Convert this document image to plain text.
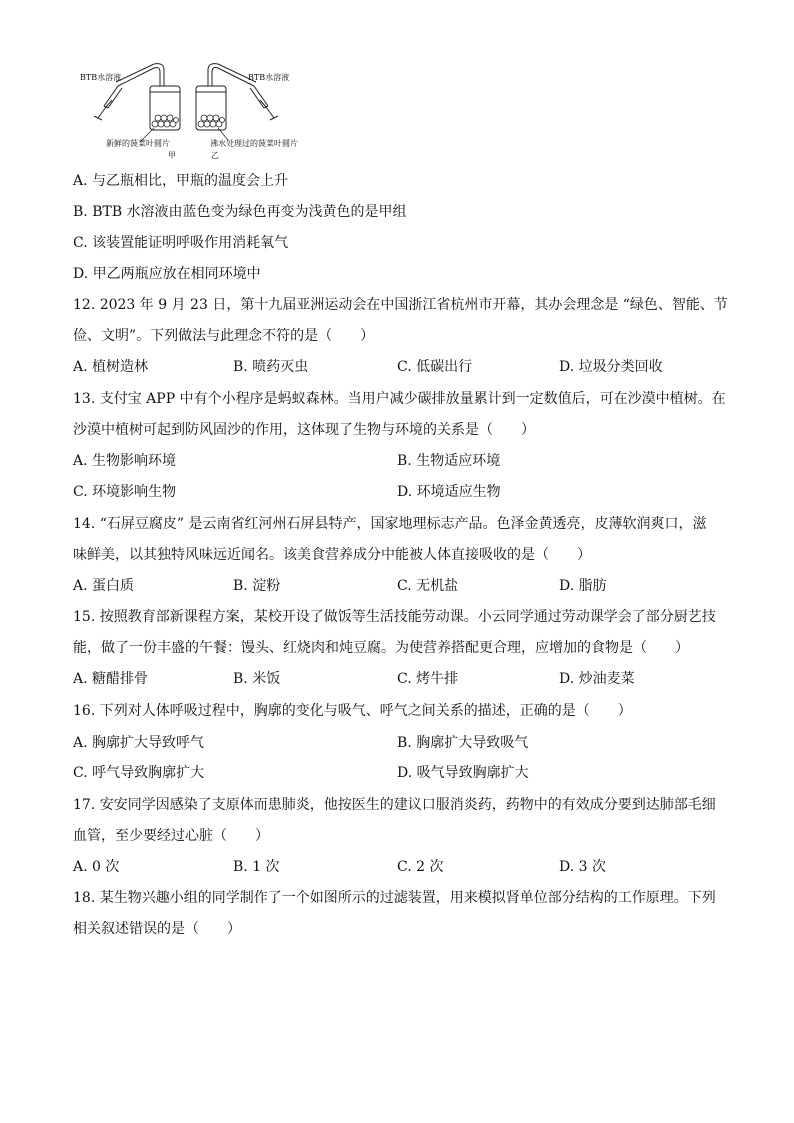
BTB水溶液	BTB水溶液
新鲜的菠菜叶圆片	沸水处理过的菠菜叶圆片
甲	乙
A. 与乙瓶相比，甲瓶的温度会上升
B. BTB 水溶液由蓝色变为绿色再变为浅黄色的是甲组
C. 该装置能证明呼吸作用消耗氧气
D. 甲乙两瓶应放在相同环境中
12. 2023 年 9 月 23 日，第十九届亚洲运动会在中国浙江省杭州市开幕，其办会理念是 “绿色、智能、节
俭、文明”。下列做法与此理念不符的是（　　）
A. 植树造林	B. 喷药灭虫	C. 低碳出行	D. 垃圾分类回收
13. 支付宝 APP 中有个小程序是蚂蚁森林。当用户减少碳排放量累计到一定数值后，可在沙漠中植树。在
沙漠中植树可起到防风固沙的作用，这体现了生物与环境的关系是（　　）
A. 生物影响环境	B. 生物适应环境
C. 环境影响生物	D. 环境适应生物
14. “石屏豆腐皮” 是云南省红河州石屏县特产，国家地理标志产品。色泽金黄透亮，皮薄软润爽口，滋
味鲜美，以其独特风味远近闻名。该美食营养成分中能被人体直接吸收的是（　　）
A. 蛋白质	B. 淀粉	C. 无机盐	D. 脂肪
15. 按照教育部新课程方案，某校开设了做饭等生活技能劳动课。小云同学通过劳动课学会了部分厨艺技
能，做了一份丰盛的午餐：馒头、红烧肉和炖豆腐。为使营养搭配更合理，应增加的食物是（　　）
A. 糖醋排骨	B. 米饭	C. 烤牛排	D. 炒油麦菜
16. 下列对人体呼吸过程中，胸廓的变化与吸气、呼气之间关系的描述，正确的是（　　）
A. 胸廓扩大导致呼气	B. 胸廓扩大导致吸气
C. 呼气导致胸廓扩大	D. 吸气导致胸廓扩大
17. 安安同学因感染了支原体而患肺炎，他按医生的建议口服消炎药，药物中的有效成分要到达肺部毛细
血管，至少要经过心脏（　　）
A. 0 次	B. 1 次	C. 2 次	D. 3 次
18. 某生物兴趣小组的同学制作了一个如图所示的过滤装置，用来模拟肾单位部分结构的工作原理。下列
相关叙述错误的是（　　）
